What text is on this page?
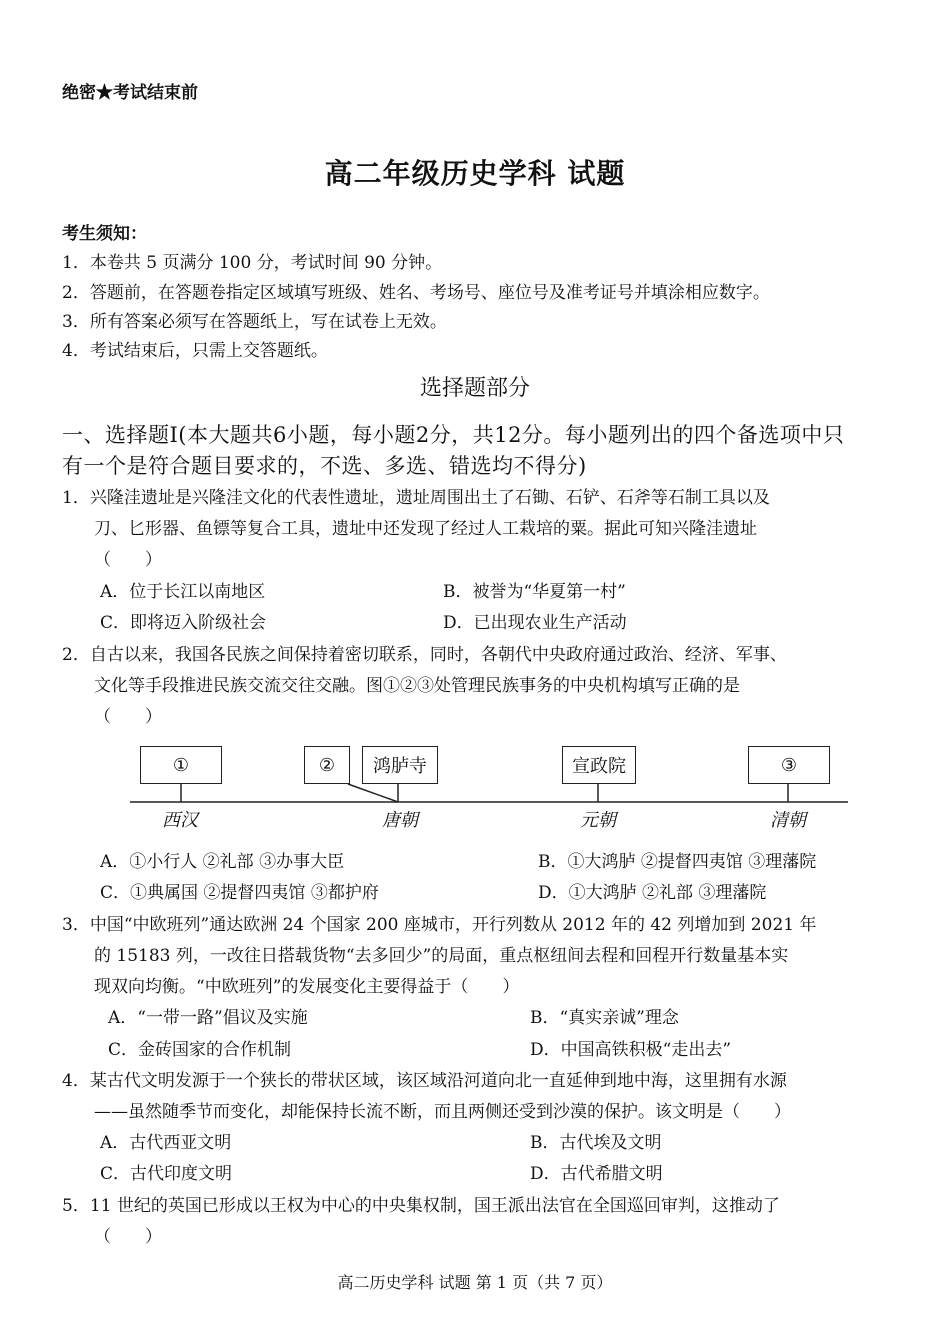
绝密★考试结束前
高二年级历史学科 试题
考生须知：
1．本卷共 5 页满分 100 分，考试时间 90 分钟。
2．答题前，在答题卷指定区域填写班级、姓名、考场号、座位号及准考证号并填涂相应数字。
3．所有答案必须写在答题纸上，写在试卷上无效。
4．考试结束后，只需上交答题纸。
选择题部分
一、选择题Ⅰ(本大题共6小题，每小题2分，共12分。每小题列出的四个备选项中只
有一个是符合题目要求的，不选、多选、错选均不得分)
1．兴隆洼遗址是兴隆洼文化的代表性遗址，遗址周围出土了石锄、石铲、石斧等石制工具以及
刀、匕形器、鱼镖等复合工具，遗址中还发现了经过人工栽培的粟。据此可知兴隆洼遗址
（　　）
A．位于长江以南地区	B．被誉为“华夏第一村”
C．即将迈入阶级社会	D．已出现农业生产活动
2．自古以来，我国各民族之间保持着密切联系，同时，各朝代中央政府通过政治、经济、军事、
文化等手段推进民族交流交往交融。图①②③处管理民族事务的中央机构填写正确的是
（　　）
①	②	鸿胪寺	宣政院	③
西汉	唐朝	元朝	清朝
A．①小行人 ②礼部 ③办事大臣	B．①大鸿胪 ②提督四夷馆 ③理藩院
C．①典属国 ②提督四夷馆 ③都护府	D．①大鸿胪 ②礼部 ③理藩院
3．中国“中欧班列”通达欧洲 24 个国家 200 座城市，开行列数从 2012 年的 42 列增加到 2021 年
的 15183 列，一改往日搭载货物“去多回少”的局面，重点枢纽间去程和回程开行数量基本实
现双向均衡。“中欧班列”的发展变化主要得益于（　　）
A．“一带一路”倡议及实施	B．“真实亲诚”理念
C．金砖国家的合作机制	D．中国高铁积极“走出去”
4．某古代文明发源于一个狭长的带状区域，该区域沿河道向北一直延伸到地中海，这里拥有水源
——虽然随季节而变化，却能保持长流不断，而且两侧还受到沙漠的保护。该文明是（　　）
A．古代西亚文明	B．古代埃及文明
C．古代印度文明	D．古代希腊文明
5．11 世纪的英国已形成以王权为中心的中央集权制，国王派出法官在全国巡回审判，这推动了
（　　）
高二历史学科 试题 第 1 页（共 7 页）
